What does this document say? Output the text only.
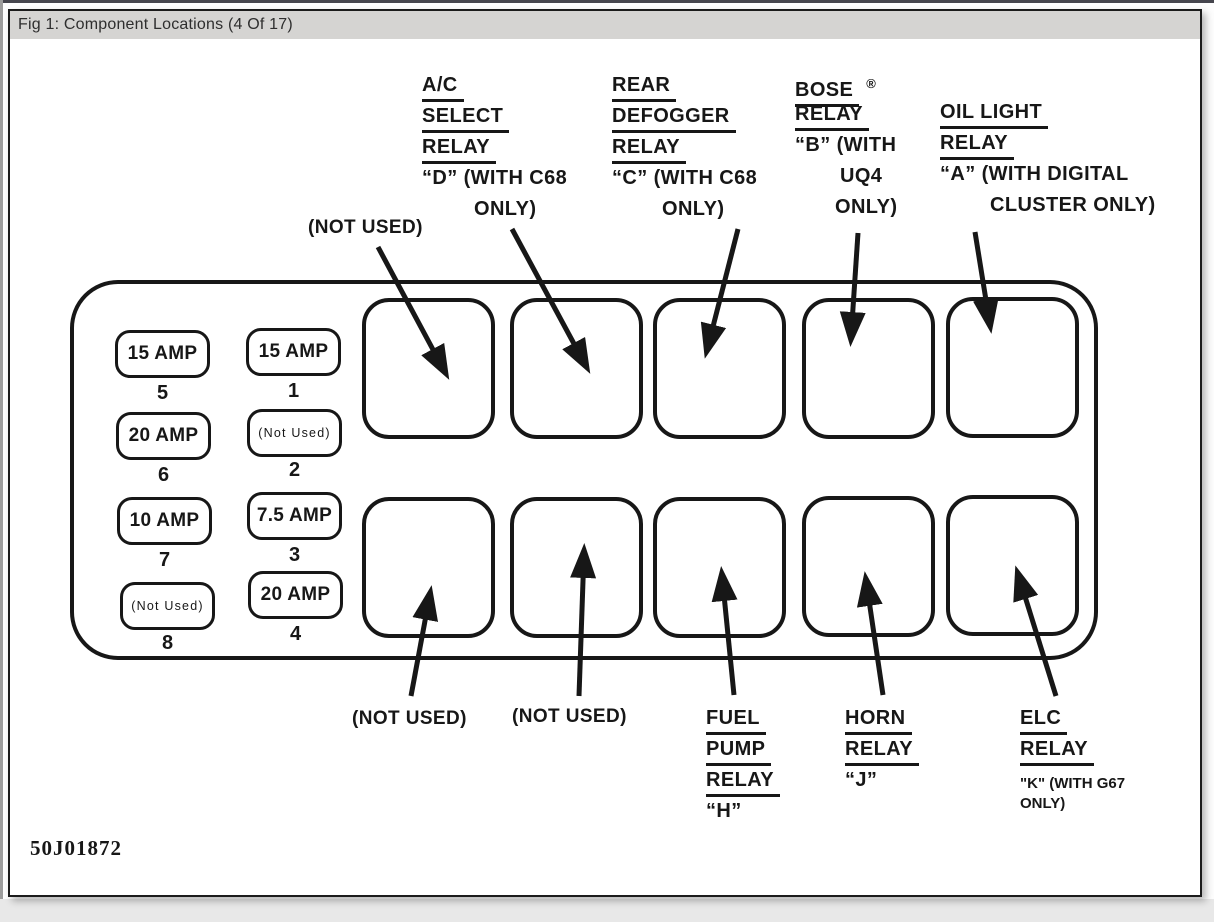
Fig 1: Component Locations (4 Of 17)
15 AMP
5
20 AMP
6
10 AMP
7
(Not Used)
8
15 AMP
1
(Not Used)
2
7.5 AMP
3
20 AMP
4
(NOT USED)
A/C
SELECT
RELAY
“D” (WITH C68
ONLY)
REAR
DEFOGGER
RELAY
“C” (WITH C68
ONLY)
BOSE ®
RELAY
“B” (WITH
UQ4
ONLY)
OIL LIGHT
RELAY
“A” (WITH DIGITAL
CLUSTER ONLY)
(NOT USED) (NOT USED)	FUEL
PUMP
RELAY
“H”
HORN
RELAY
“J”
ELC
RELAY
"K" (WITH G67
ONLY)
50J01872
